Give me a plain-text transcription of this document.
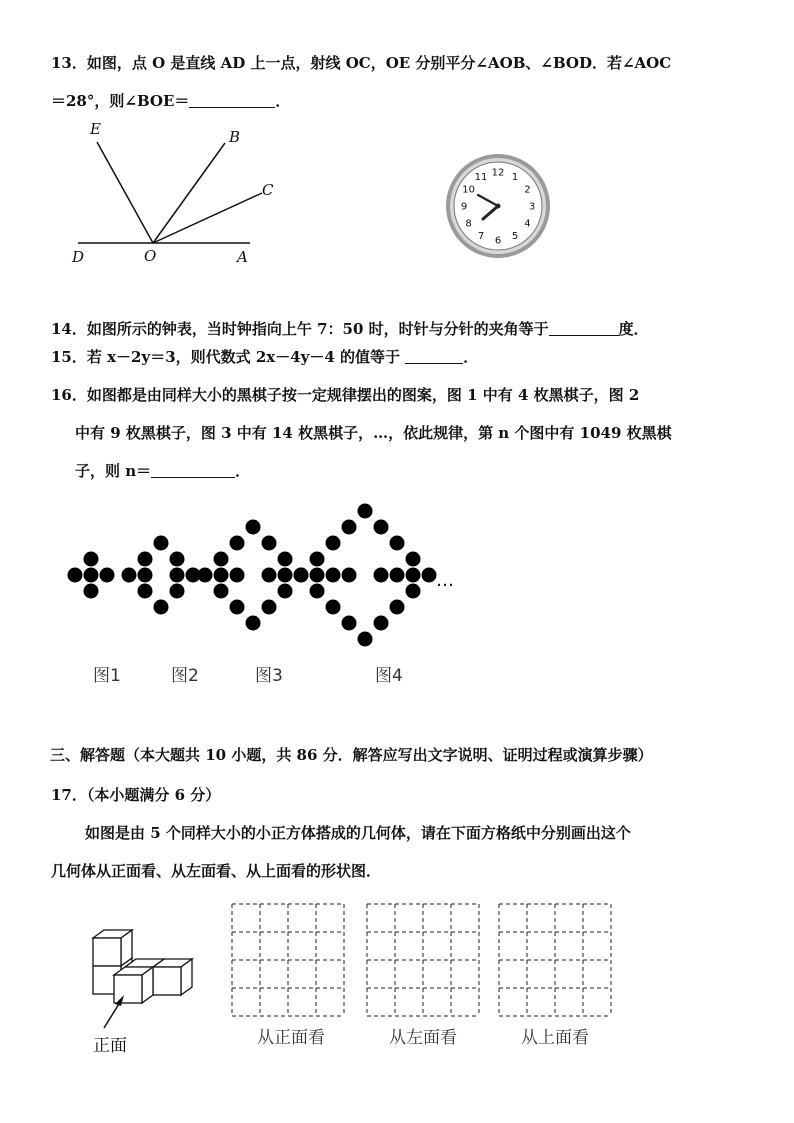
13．如图，点 O 是直线 AD 上一点，射线 OC，OE 分别平分∠AOB、∠BOD．若∠AOC
＝28°，则∠BOE＝	．
14．如图所示的钟表，当时钟指向上午 7：50 时，时针与分针的夹角等于	度．
15．若 x－2y＝3，则代数式 2x－4y－4 的值等于	．
16．如图都是由同样大小的黑棋子按一定规律摆出的图案，图 1 中有 4 枚黑棋子，图 2
中有 9 枚黑棋子，图 3 中有 14 枚黑棋子，…，依此规律，第 n 个图中有 1049 枚黑棋
子，则 n＝	．
三、解答题（本大题共 10 小题，共 86 分．解答应写出文字说明、证明过程或演算步骤）
17．（本小题满分 6 分）
如图是由 5 个同样大小的小正方体搭成的几何体，请在下面方格纸中分别画出这个
几何体从正面看、从左面看、从上面看的形状图．
E	B
C
D	O	A
12 1
2
3
4
5
6
7
8
9
10
11
…
图1	图2	图3	图4
正面	从正面看	从左面看	从上面看
